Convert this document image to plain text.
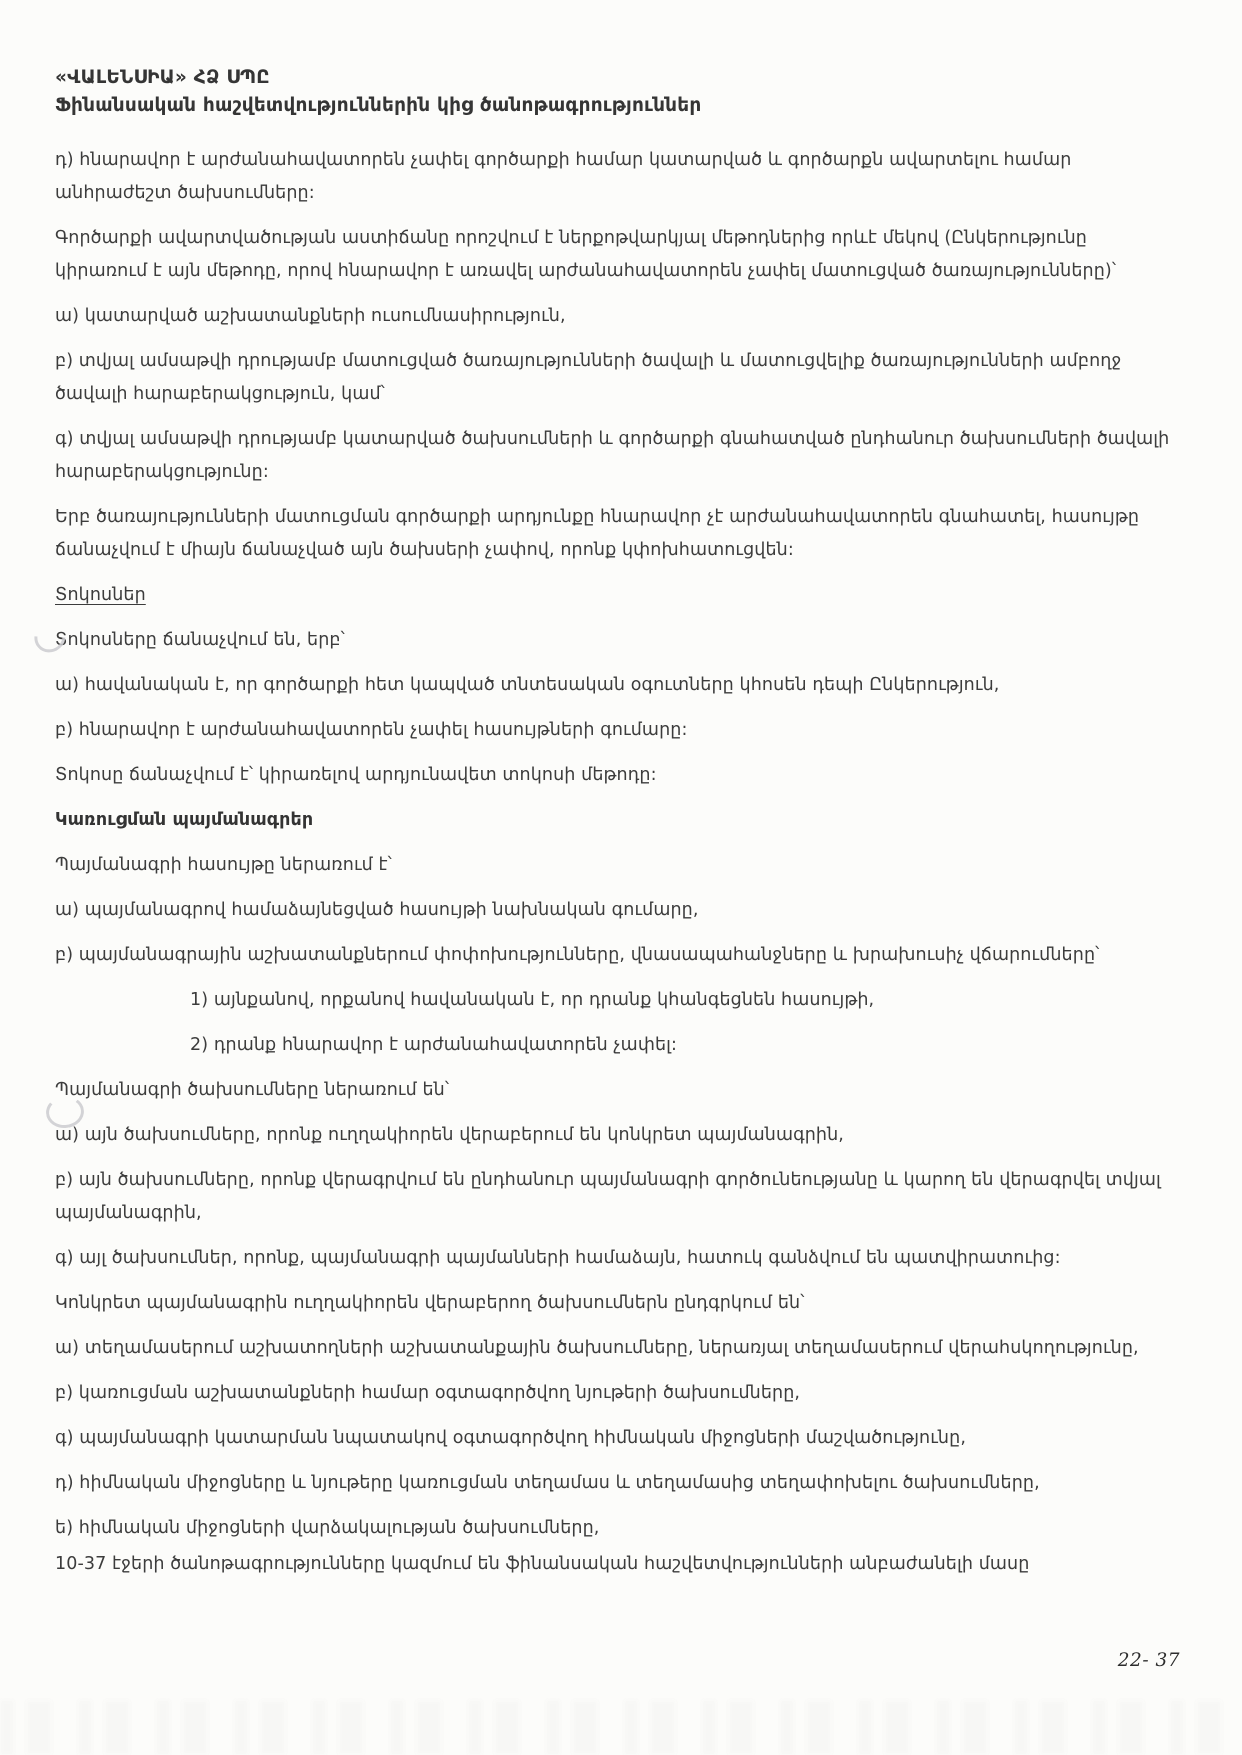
«ՎԱԼԵՆՍԻԱ» ՀՁ ՍՊԸ
Ֆինանսական հաշվետվություններին կից ծանոթագրություններ

դ) հնարավոր է արժանահավատորեն չափել գործարքի համար կատարված և գործարքն ավարտելու համար անհրաժեշտ ծախսումները:

Գործարքի ավարտվածության աստիճանը որոշվում է ներքոթվարկյալ մեթոդներից որևէ մեկով (Ընկերությունը կիրառում է այն մեթոդը, որով հնարավոր է առավել արժանահավատորեն չափել մատուցված ծառայությունները)՝

ա) կատարված աշխատանքների ուսումնասիրություն,

բ) տվյալ ամսաթվի դրությամբ մատուցված ծառայությունների ծավալի և մատուցվելիք ծառայությունների ամբողջ ծավալի հարաբերակցություն, կամ՝

գ) տվյալ ամսաթվի դրությամբ կատարված ծախսումների և գործարքի գնահատված ընդհանուր ծախսումների ծավալի հարաբերակցությունը:

Երբ ծառայությունների մատուցման գործարքի արդյունքը հնարավոր չէ արժանահավատորեն գնահատել, հասույթը ճանաչվում է միայն ճանաչված այն ծախսերի չափով, որոնք կփոխհատուցվեն:

Տոկոսներ

Տոկոսները ճանաչվում են, երբ՝

ա) հավանական է, որ գործարքի հետ կապված տնտեսական օգուտները կհոսեն դեպի Ընկերություն,

բ) հնարավոր է արժանահավատորեն չափել հասույթների գումարը:

Տոկոսը ճանաչվում է՝ կիրառելով արդյունավետ տոկոսի մեթոդը:

Կառուցման պայմանագրեր

Պայմանագրի հասույթը ներառում է՝

ա) պայմանագրով համաձայնեցված հասույթի նախնական գումարը,

բ) պայմանագրային աշխատանքներում փոփոխությունները, վնասապահանջները և խրախուսիչ վճարումները՝

1) այնքանով, որքանով հավանական է, որ դրանք կհանգեցնեն հասույթի,

2) դրանք հնարավոր է արժանահավատորեն չափել:

Պայմանագրի ծախսումները ներառում են՝

ա) այն ծախսումները, որոնք ուղղակիորեն վերաբերում են կոնկրետ պայմանագրին,

բ) այն ծախսումները, որոնք վերագրվում են ընդհանուր պայմանագրի գործունեությանը և կարող են վերագրվել տվյալ պայմանագրին,

գ) այլ ծախսումներ, որոնք, պայմանագրի պայմանների համաձայն, հատուկ գանձվում են պատվիրատուից:

Կոնկրետ պայմանագրին ուղղակիորեն վերաբերող ծախսումներն ընդգրկում են՝

ա) տեղամասերում աշխատողների աշխատանքային ծախսումները, ներառյալ տեղամասերում վերահսկողությունը,

բ) կառուցման աշխատանքների համար օգտագործվող նյութերի ծախսումները,

գ) պայմանագրի կատարման նպատակով օգտագործվող հիմնական միջոցների մաշվածությունը,

դ) հիմնական միջոցները և նյութերը կառուցման տեղամաս և տեղամասից տեղափոխելու ծախսումները,

ե) հիմնական միջոցների վարձակալության ծախսումները,

10-37 էջերի ծանոթագրությունները կազմում են ֆինանսական հաշվետվությունների անբաժանելի մասը

22- 37
